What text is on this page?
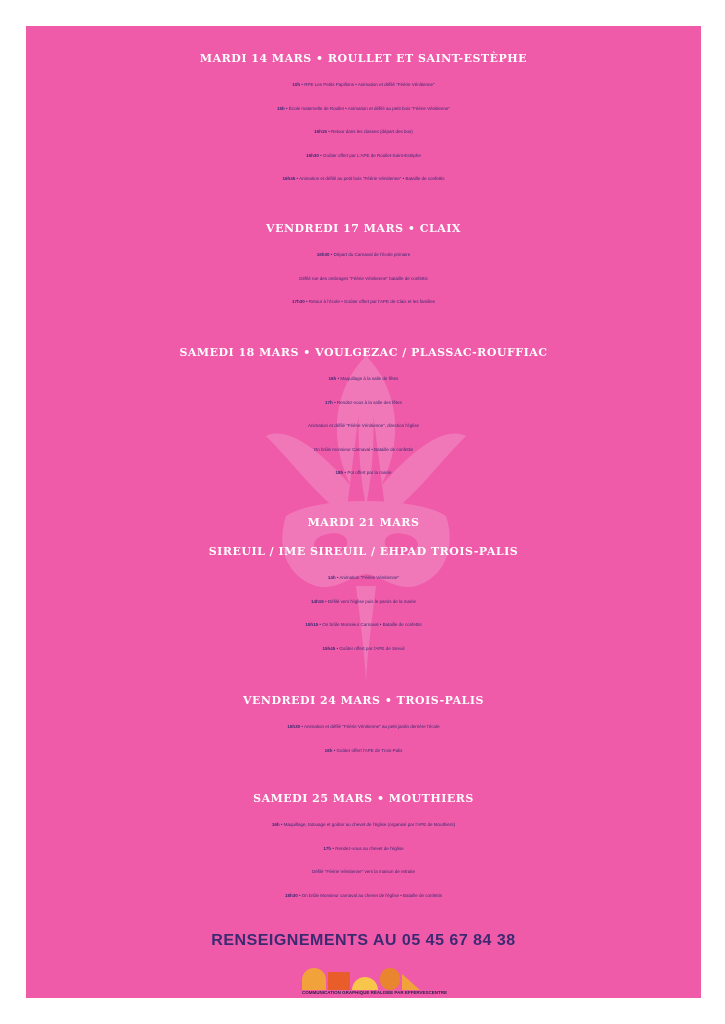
MARDI 14 MARS • ROULLET ET SAINT-ESTÈPHE
10h • RPE Les Petits Papillons • Animation et défilé "Féérie Vénitienne"
15h • École maternelle de Roullet • Animation et défilé au petit bois "Féérie Vénitienne"
16h15 • Retour dans les classes (départ des bus)
16h30 • Goûter offert par L'APE de Roullet-Saint-Estèphe
16h45 • Animation et défilé au petit bois "Féérie Vénitienne" • Bataille de confettis
VENDREDI 17 MARS • CLAIX
16h30 • Départ du Carnaval de l'école primaire
Défilé rue des ombrages "Féérie Vénitienne" bataille de confettis
17h30 • Retour à l'école • Goûter offert par l'APE de Claix et les familles
SAMEDI 18 MARS • VOULGEZAC / PLASSAC-ROUFFIAC
16h • Maquillage à la salle de fêtes
17h • Rendez-vous à la salle des fêtes
Animation et défilé "Féérie Vénitienne", direction l'église
On brûle monsieur Carnaval • Bataille de confettis
18h • Pot offert par la mairie
MARDI 21 MARS
SIREUIL / IME SIREUIL / EHPAD TROIS-PALIS
14h • Animation "Féérie Vénitienne"
14h15 • Défilé vers l'église puis le parvis de la mairie
15h15 • On brûle Monsieur Carnaval • Bataille de confettis
15h45 • Goûter offert par l'APE de Sireuil
VENDREDI 24 MARS • TROIS-PALIS
15h30 • Animation et défilé "Féérie Vénitienne" au petit jardin derrière l'école
16h • Goûter offert l'APE de Trois-Palis
SAMEDI 25 MARS • MOUTHIERS
16h • Maquillage, tatouage et goûter au chevet de l'église (organisé par l'APE de Mouthiers)
17h • Rendez-vous au chevet de l'église
Défilé "Féérie Vénitienne" vers la maison de retraite
18h30 • On brûle Monsieur carnaval au chevet de l'église • Bataille de confettis
RENSEIGNEMENTS AU 05 45 67 84 38
COMMUNICATION GRAPHIQUE RÉALISÉE PAR EFFERVESCENTRE
